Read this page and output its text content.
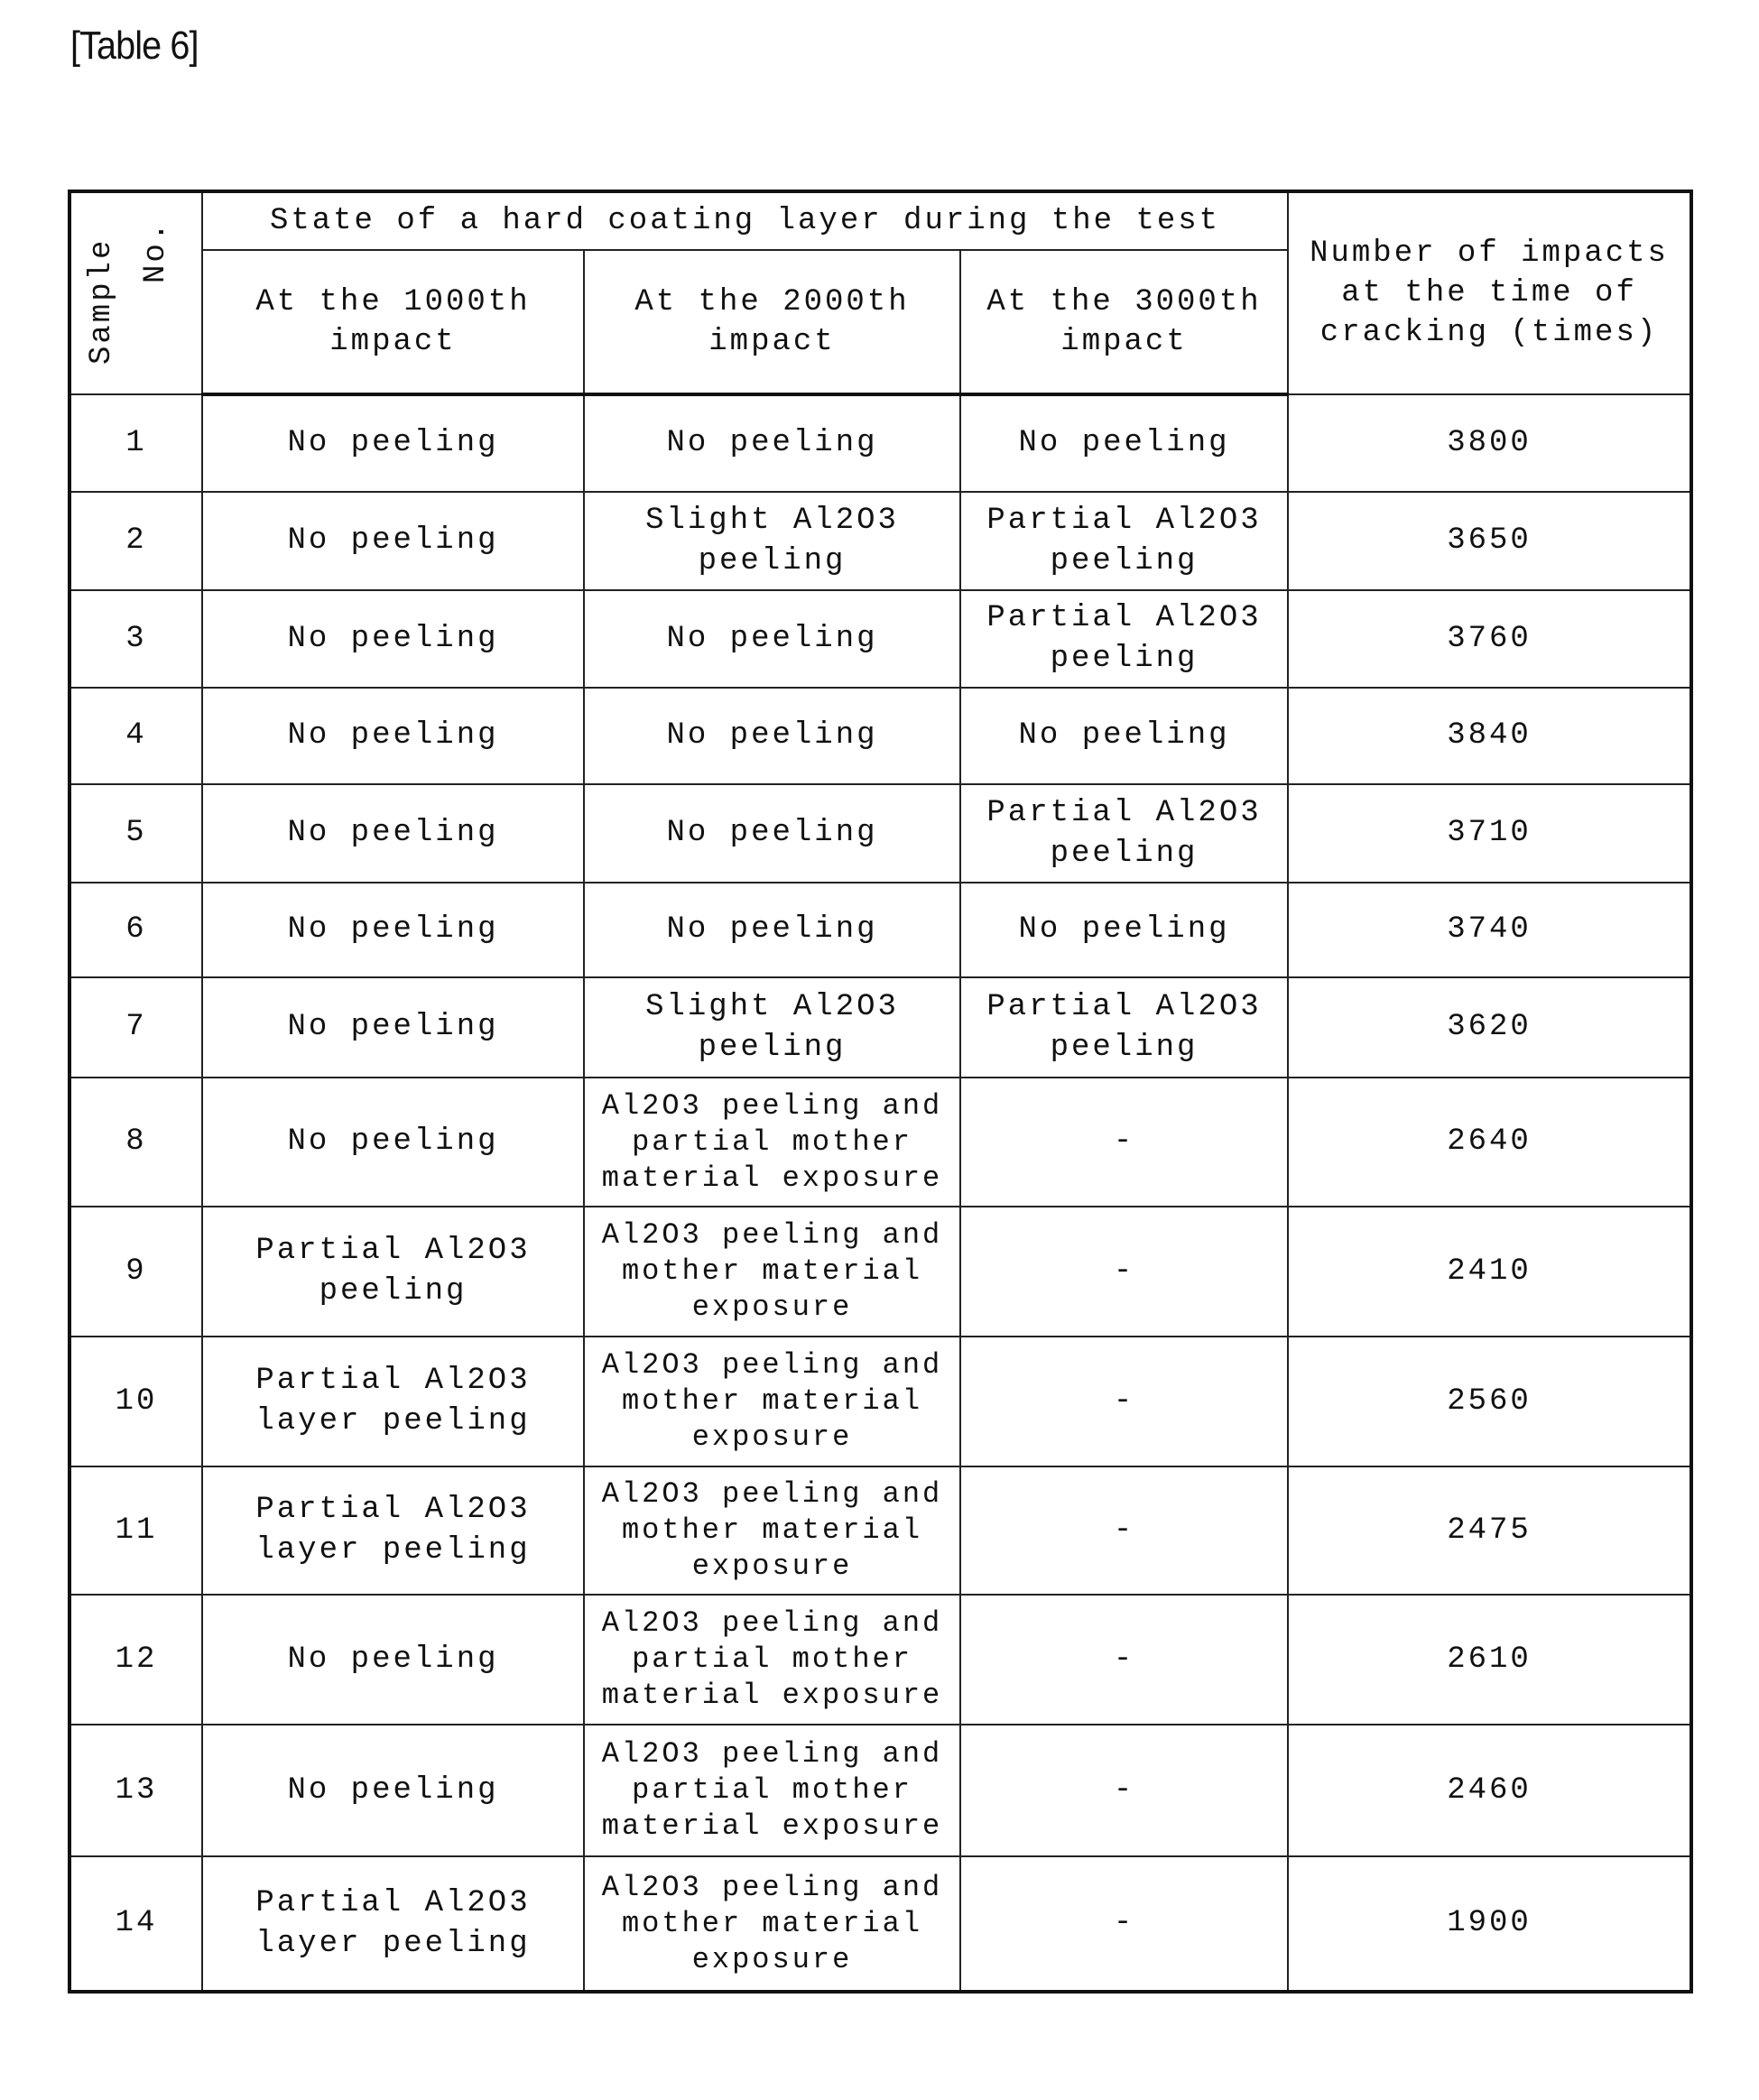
[Table 6]
Sample No.	State of a hard coating layer during the test	
Number of impacts
at the time of
cracking (times)

At the 1000th
impact

At the 2000th
impact

At the 3000th
impact

1	No peeling	No peeling	No peeling	3800
2	No peeling

Slight Al2O3
peeling

Partial Al2O3
peeling
	3650
3	No peeling	No peeling

Partial Al2O3
peeling
	3760
4	No peeling	No peeling	No peeling	3840
5	No peeling	No peeling

Partial Al2O3
peeling
	3710
6	No peeling	No peeling	No peeling	3740
7	No peeling

Slight Al2O3
peeling

Partial Al2O3
peeling
	3620
8	No peeling

Al2O3 peeling and
partial mother
material exposure

-	2640
9	
Partial Al2O3
peeling

Al2O3 peeling and
mother material
exposure

-	2410
10	
Partial Al2O3
layer peeling

Al2O3 peeling and
mother material
exposure

-	2560
11	
Partial Al2O3
layer peeling

Al2O3 peeling and
mother material
exposure

-	2475
12	No peeling

Al2O3 peeling and
partial mother
material exposure

-	2610
13	No peeling

Al2O3 peeling and
partial mother
material exposure

-	2460
14	
Partial Al2O3
layer peeling

Al2O3 peeling and
mother material
exposure

-	1900
